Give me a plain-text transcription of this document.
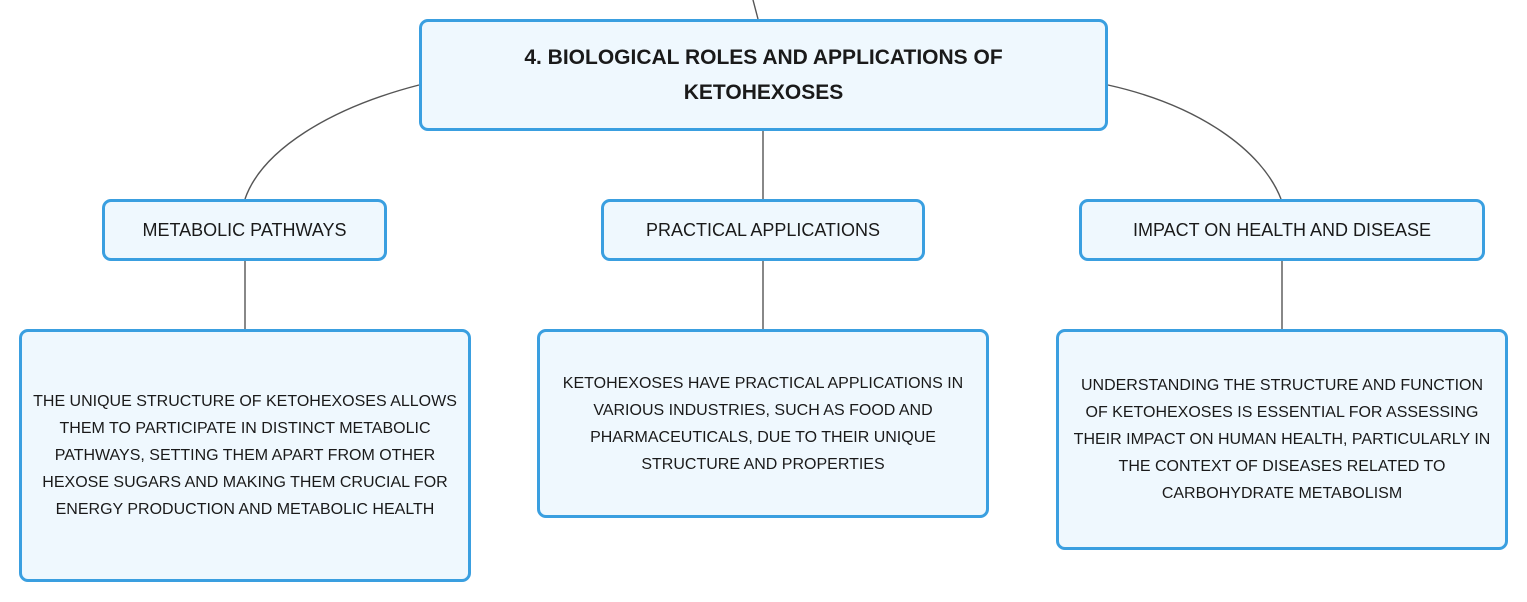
4. BIOLOGICAL ROLES AND APPLICATIONS OF KETOHEXOSES
METABOLIC PATHWAYS	PRACTICAL APPLICATIONS	IMPACT ON HEALTH AND DISEASE
THE UNIQUE STRUCTURE OF KETOHEXOSES ALLOWS THEM TO PARTICIPATE IN DISTINCT METABOLIC PATHWAYS, SETTING THEM APART FROM OTHER HEXOSE SUGARS AND MAKING THEM CRUCIAL FOR ENERGY PRODUCTION AND METABOLIC HEALTH
KETOHEXOSES HAVE PRACTICAL APPLICATIONS IN VARIOUS INDUSTRIES, SUCH AS FOOD AND PHARMACEUTICALS, DUE TO THEIR UNIQUE STRUCTURE AND PROPERTIES
UNDERSTANDING THE STRUCTURE AND FUNCTION OF KETOHEXOSES IS ESSENTIAL FOR ASSESSING THEIR IMPACT ON HUMAN HEALTH, PARTICULARLY IN THE CONTEXT OF DISEASES RELATED TO CARBOHYDRATE METABOLISM
